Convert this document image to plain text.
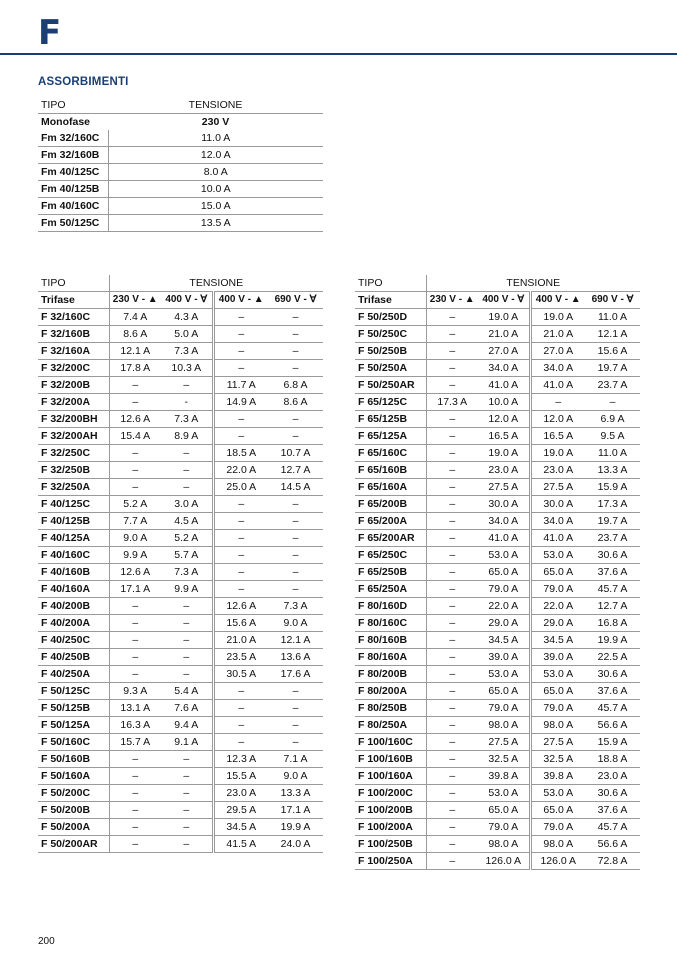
F
ASSORBIMENTI
TIPO	TENSIONE
Monofase	230 V
Fm 32/160C	11.0 A
Fm 32/160B	12.0 A
Fm 40/125C	8.0 A
Fm 40/125B	10.0 A
Fm 40/160C	15.0 A
Fm 50/125C	13.5 A
TIPO	TENSIONE			
Trifase	230 V - ▲	400 V - Ɐ	400 V - ▲	690 V - Ɐ
F 32/160C	7.4 A	4.3 A	–	–
F 32/160B	8.6 A	5.0 A	–	–
F 32/160A	12.1 A	7.3 A	–	–
F 32/200C	17.8 A	10.3 A	–	–
F 32/200B	–	–	11.7 A	6.8 A
F 32/200A	–	-	14.9 A	8.6 A
F 32/200BH	12.6 A	7.3 A	–	–
F 32/200AH	15.4 A	8.9 A	–	–
F 32/250C	–	–	18.5 A	10.7 A
F 32/250B	–	–	22.0 A	12.7 A
F 32/250A	–	–	25.0 A	14.5 A
F 40/125C	5.2 A	3.0 A	–	–
F 40/125B	7.7 A	4.5 A	–	–
F 40/125A	9.0 A	5.2 A	–	–
F 40/160C	9.9 A	5.7 A	–	–
F 40/160B	12.6 A	7.3 A	–	–
F 40/160A	17.1 A	9.9 A	–	–
F 40/200B	–	–	12.6 A	7.3 A
F 40/200A	–	–	15.6 A	9.0 A
F 40/250C	–	–	21.0 A	12.1 A
F 40/250B	–	–	23.5 A	13.6 A
F 40/250A	–	–	30.5 A	17.6 A
F 50/125C	9.3 A	5.4 A	–	–
F 50/125B	13.1 A	7.6 A	–	–
F 50/125A	16.3 A	9.4 A	–	–
F 50/160C	15.7 A	9.1 A	–	–
F 50/160B	–	–	12.3 A	7.1 A
F 50/160A	–	–	15.5 A	9.0 A
F 50/200C	–	–	23.0 A	13.3 A
F 50/200B	–	–	29.5 A	17.1 A
F 50/200A	–	–	34.5 A	19.9 A
F 50/200AR	–	–	41.5 A	24.0 A
TIPO	TENSIONE			
Trifase	230 V - ▲	400 V - Ɐ	400 V - ▲	690 V - Ɐ
F 50/250D	–	19.0 A	19.0 A	11.0 A
F 50/250C	–	21.0 A	21.0 A	12.1 A
F 50/250B	–	27.0 A	27.0 A	15.6 A
F 50/250A	–	34.0 A	34.0 A	19.7 A
F 50/250AR	–	41.0 A	41.0 A	23.7 A
F 65/125C	17.3 A	10.0 A	–	–
F 65/125B	–	12.0 A	12.0 A	6.9 A
F 65/125A	–	16.5 A	16.5 A	9.5 A
F 65/160C	–	19.0 A	19.0 A	11.0 A
F 65/160B	–	23.0 A	23.0 A	13.3 A
F 65/160A	–	27.5 A	27.5 A	15.9 A
F 65/200B	–	30.0 A	30.0 A	17.3 A
F 65/200A	–	34.0 A	34.0 A	19.7 A
F 65/200AR	–	41.0 A	41.0 A	23.7 A
F 65/250C	–	53.0 A	53.0 A	30.6 A
F 65/250B	–	65.0 A	65.0 A	37.6 A
F 65/250A	–	79.0 A	79.0 A	45.7 A
F 80/160D	–	22.0 A	22.0 A	12.7 A
F 80/160C	–	29.0 A	29.0 A	16.8 A
F 80/160B	–	34.5 A	34.5 A	19.9 A
F 80/160A	–	39.0 A	39.0 A	22.5 A
F 80/200B	–	53.0 A	53.0 A	30.6 A
F 80/200A	–	65.0 A	65.0 A	37.6 A
F 80/250B	–	79.0 A	79.0 A	45.7 A
F 80/250A	–	98.0 A	98.0 A	56.6 A
F 100/160C	–	27.5 A	27.5 A	15.9 A
F 100/160B	–	32.5 A	32.5 A	18.8 A
F 100/160A	–	39.8 A	39.8 A	23.0 A
F 100/200C	–	53.0 A	53.0 A	30.6 A
F 100/200B	–	65.0 A	65.0 A	37.6 A
F 100/200A	–	79.0 A	79.0 A	45.7 A
F 100/250B	–	98.0 A	98.0 A	56.6 A
F 100/250A	–	126.0 A	126.0 A	72.8 A
200
